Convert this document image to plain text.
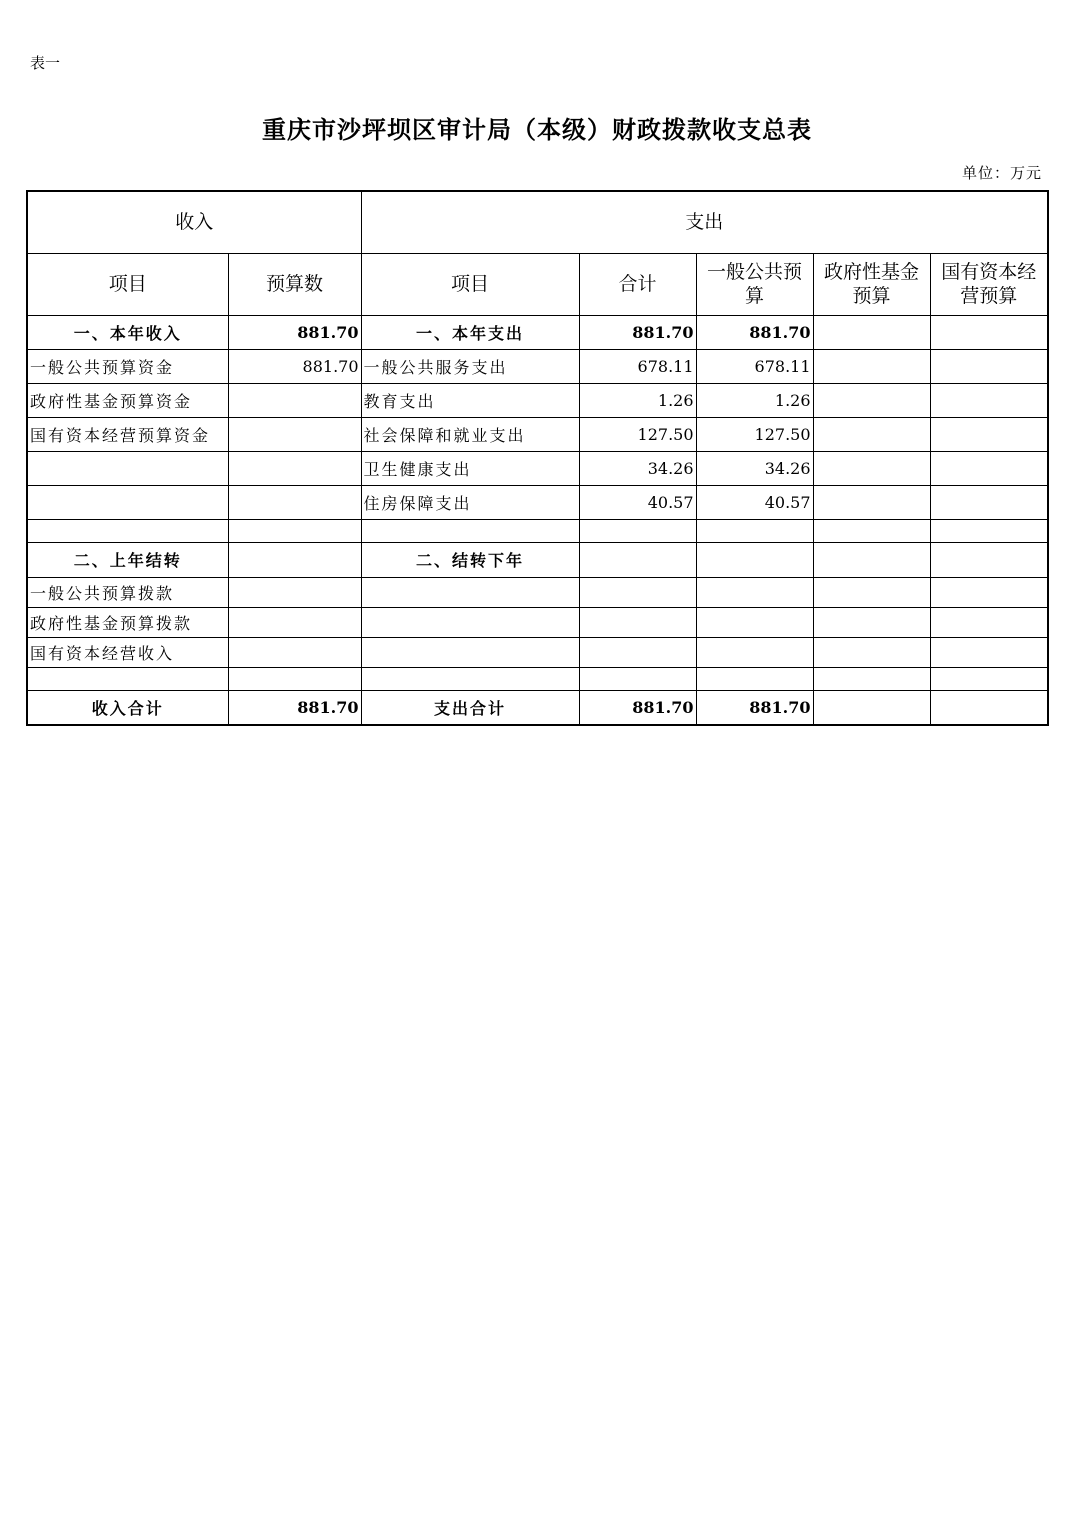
表一
重庆市沙坪坝区审计局（本级）财政拨款收支总表
单位：万元
收入		支出				
项目	预算数	项目	合计	一般公共预算	政府性基金预算	国有资本经营预算
一、本年收入	881.70	一、本年支出	881.70	881.70		
一般公共预算资金	881.70	一般公共服务支出	678.11	678.11		
政府性基金预算资金		教育支出	1.26	1.26		
国有资本经营预算资金		社会保障和就业支出	127.50	127.50		
		卫生健康支出	34.26	34.26		
		住房保障支出	40.57	40.57		

二、上年结转		二、结转下年				
一般公共预算拨款						
政府性基金预算拨款						
国有资本经营收入						

收入合计	881.70	支出合计	881.70	881.70		
